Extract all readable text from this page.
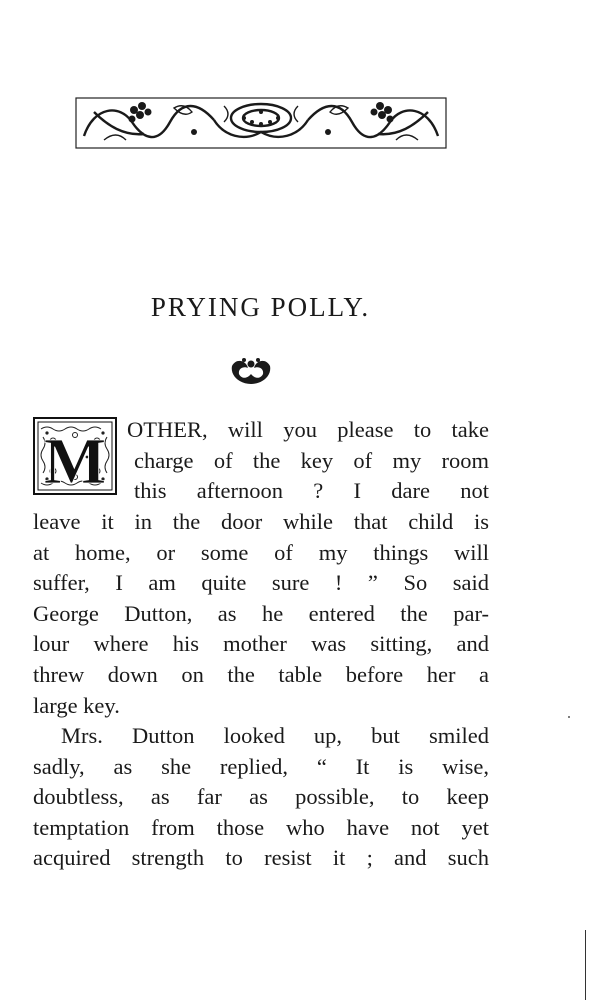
PRYING POLLY.
M OTHER, will you please to take
charge of the key of my room
this afternoon ? I dare not
leave it in the door while that child is
at home, or some of my things will
suffer, I am quite sure ! ” So said
George Dutton, as he entered the par-
lour where his mother was sitting, and
threw down on the table before her a
large key.
Mrs. Dutton looked up, but smiled
sadly, as she replied, “ It is wise,
doubtless, as far as possible, to keep
temptation from those who have not yet
acquired strength to resist it ; and such
